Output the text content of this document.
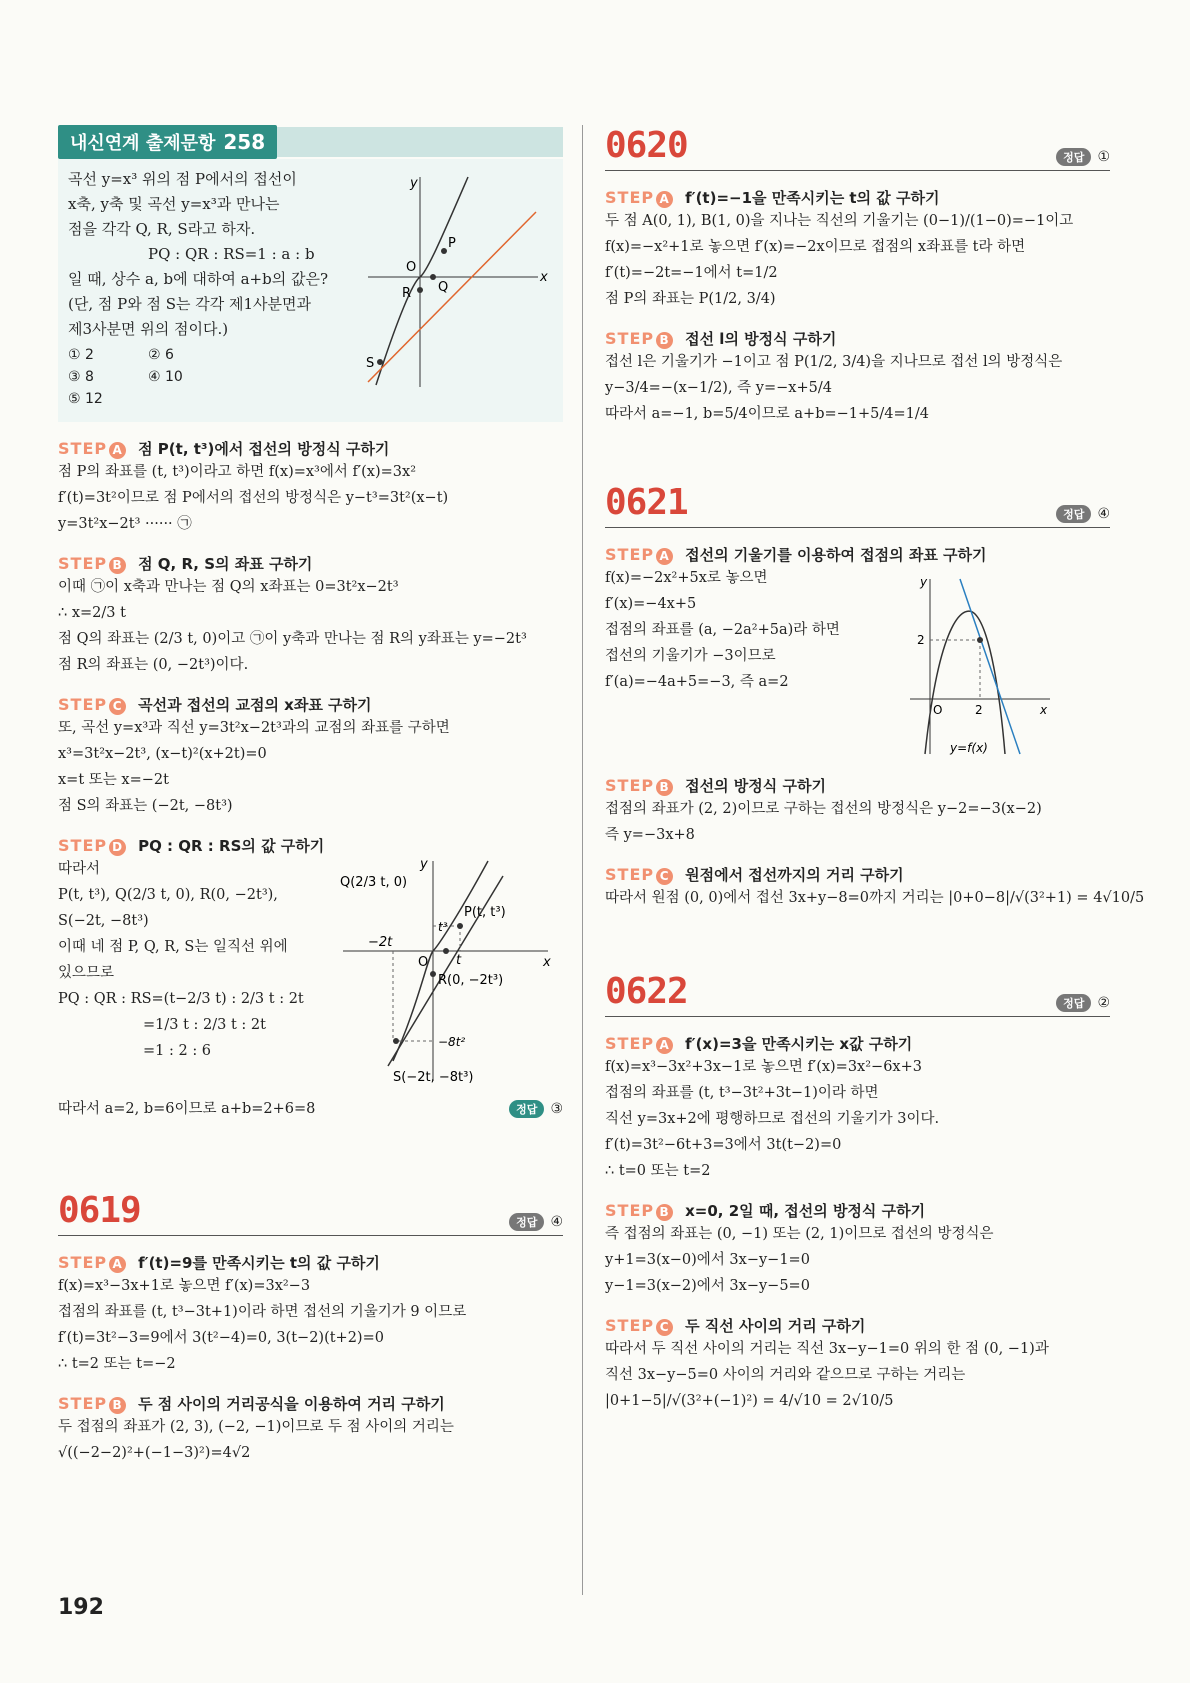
내신연계 출제문항 258

곡선 y=x³ 위의 점 P에서의 접선이

x축, y축 및 곡선 y=x³과 만나는

점을 각각 Q, R, S라고 하자.

PQ : QR : RS=1 : a : b

일 때, 상수 a, b에 대하여 a+b의 값은?

(단, 점 P와 점 S는 각각 제1사분면과

제3사분면 위의 점이다.)

① 2	② 6
③ 8	④ 10
⑤ 12
y
x
O
P
Q
R
S
STEP A 점 P(t, t³)에서 접선의 방정식 구하기
점 P의 좌표를 (t, t³)이라고 하면 f(x)=x³에서 f′(x)=3x²
f′(t)=3t²이므로 점 P에서의 접선의 방정식은 y−t³=3t²(x−t)
y=3t²x−2t³ ······ ㉠
STEP B 점 Q, R, S의 좌표 구하기
이때 ㉠이 x축과 만나는 점 Q의 x좌표는 0=3t²x−2t³
∴ x=2/3 t
점 Q의 좌표는 (2/3 t, 0)이고 ㉠이 y축과 만나는 점 R의 y좌표는 y=−2t³
점 R의 좌표는 (0, −2t³)이다.
STEP C 곡선과 접선의 교점의 x좌표 구하기
또, 곡선 y=x³과 직선 y=3t²x−2t³과의 교점의 좌표를 구하면
x³=3t²x−2t³, (x−t)²(x+2t)=0
x=t 또는 x=−2t
점 S의 좌표는 (−2t, −8t³)
STEP D PQ : QR : RS의 값 구하기
따라서
P(t, t³), Q(2/3 t, 0), R(0, −2t³),
S(−2t, −8t³)
이때 네 점 P, Q, R, S는 일직선 위에
있으므로
PQ : QR : RS=(t−2/3 t) : 2/3 t : 2t
=1/3 t : 2/3 t : 2t
=1 : 2 : 6
Q(2/3 t, 0)
P(t, t³)
R(0, −2t³)
S(−2t, −8t³)
−2t
t
t³
−8t²
O	x
y
따라서 a=2, b=6이므로 a+b=2+6=8	정답 ③
0619	정답 ④
STEP A f′(t)=9를 만족시키는 t의 값 구하기
f(x)=x³−3x+1로 놓으면 f′(x)=3x²−3
접점의 좌표를 (t, t³−3t+1)이라 하면 접선의 기울기가 9 이므로
f′(t)=3t²−3=9에서 3(t²−4)=0, 3(t−2)(t+2)=0
∴ t=2 또는 t=−2
STEP B 두 점 사이의 거리공식을 이용하여 거리 구하기
두 접점의 좌표가 (2, 3), (−2, −1)이므로 두 점 사이의 거리는
√((−2−2)²+(−1−3)²)=4√2
0620	정답 ①
STEP A f′(t)=−1을 만족시키는 t의 값 구하기
두 점 A(0, 1), B(1, 0)을 지나는 직선의 기울기는 (0−1)/(1−0)=−1이고
f(x)=−x²+1로 놓으면 f′(x)=−2x이므로 접점의 x좌표를 t라 하면
f′(t)=−2t=−1에서 t=1/2
점 P의 좌표는 P(1/2, 3/4)
STEP B 접선 l의 방정식 구하기
접선 l은 기울기가 −1이고 점 P(1/2, 3/4)을 지나므로 접선 l의 방정식은
y−3/4=−(x−1/2), 즉 y=−x+5/4
따라서 a=−1, b=5/4이므로 a+b=−1+5/4=1/4
0621	정답 ④
STEP A 접선의 기울기를 이용하여 접점의 좌표 구하기
f(x)=−2x²+5x로 놓으면
f′(x)=−4x+5
접점의 좌표를 (a, −2a²+5a)라 하면
접선의 기울기가 −3이므로
f′(a)=−4a+5=−3, 즉 a=2
y
x
O	2
2
y=f(x)
STEP B 접선의 방정식 구하기
접점의 좌표가 (2, 2)이므로 구하는 접선의 방정식은 y−2=−3(x−2)
즉 y=−3x+8
STEP C 원점에서 접선까지의 거리 구하기
따라서 원점 (0, 0)에서 접선 3x+y−8=0까지 거리는 |0+0−8|/√(3²+1) = 4√10/5
0622	정답 ②
STEP A f′(x)=3을 만족시키는 x값 구하기
f(x)=x³−3x²+3x−1로 놓으면 f′(x)=3x²−6x+3
접점의 좌표를 (t, t³−3t²+3t−1)이라 하면
직선 y=3x+2에 평행하므로 접선의 기울기가 3이다.
f′(t)=3t²−6t+3=3에서 3t(t−2)=0
∴ t=0 또는 t=2
STEP B x=0, 2일 때, 접선의 방정식 구하기
즉 접점의 좌표는 (0, −1) 또는 (2, 1)이므로 접선의 방정식은
y+1=3(x−0)에서 3x−y−1=0
y−1=3(x−2)에서 3x−y−5=0
STEP C 두 직선 사이의 거리 구하기
따라서 두 직선 사이의 거리는 직선 3x−y−1=0 위의 한 점 (0, −1)과
직선 3x−y−5=0 사이의 거리와 같으므로 구하는 거리는
|0+1−5|/√(3²+(−1)²) = 4/√10 = 2√10/5
192
